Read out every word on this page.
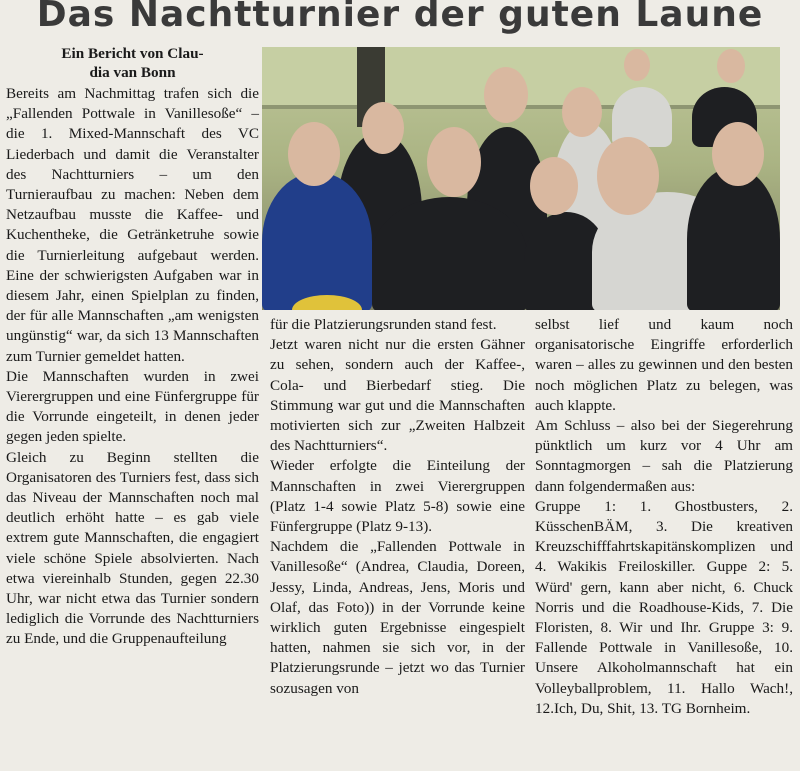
Das Nachtturnier der guten Laune
Ein Bericht von Clau-
dia van Bonn

Bereits am Nachmittag trafen sich die „Fallenden Pottwale in Vanillesoße“ – die 1. Mixed-Mannschaft des VC Liederbach und damit die Veranstalter des Nachtturniers – um den Turnieraufbau zu machen: Neben dem Netzaufbau musste die Kaffee- und Kuchentheke, die Getränketruhe sowie die Turnierleitung aufgebaut werden. Eine der schwierigsten Aufgaben war in diesem Jahr, einen Spielplan zu finden, der für alle Mannschaften „am wenigsten ungünstig“ war, da sich 13 Mannschaften zum Turnier gemeldet hatten.

Die Mannschaften wurden in zwei Vierergruppen und eine Fünfergruppe für die Vorrunde eingeteilt, in denen jeder gegen jeden spielte.

Gleich zu Beginn stellten die Organisatoren des Turniers fest, dass sich das Niveau der Mannschaften noch mal deutlich erhöht hatte – es gab viele extrem gute Mannschaften, die engagiert viele schöne Spiele absolvierten. Nach etwa viereinhalb Stunden, gegen 22.30 Uhr, war nicht etwa das Turnier sondern lediglich die Vorrunde des Nachtturniers zu Ende, und die Gruppenaufteilung

für die Platzierungsrunden stand fest.

Jetzt waren nicht nur die ersten Gähner zu sehen, sondern auch der Kaffee-, Cola- und Bierbedarf stieg. Die Stimmung war gut und die Mannschaften motivierten sich zur „Zweiten Halbzeit des Nachtturniers“.

Wieder erfolgte die Einteilung der Mannschaften in zwei Vierergruppen (Platz 1-4 sowie Platz 5-8) sowie eine Fünfergruppe (Platz 9-13).

Nachdem die „Fallenden Pottwale in Vanillesoße“ (Andrea, Claudia, Doreen, Jessy, Linda, Andreas, Jens, Moris und Olaf, das Foto)) in der Vorrunde keine wirklich guten Ergebnisse eingespielt hatten, nahmen sie sich vor, in der Platzierungsrunde – jetzt wo das Turnier sozusagen von

selbst lief und kaum noch organisatorische Eingriffe erforderlich waren – alles zu gewinnen und den besten noch möglichen Platz zu belegen, was auch klappte.

Am Schluss – also bei der Siegerehrung pünktlich um kurz vor 4 Uhr am Sonntagmorgen – sah die Platzierung dann folgendermaßen aus:

Gruppe 1: 1. Ghostbusters, 2. KüsschenBÄM, 3. Die kreativen Kreuzschifffahrtskapitänskomplizen und 4. Wakikis Freiloskiller. Guppe 2: 5. Würd' gern, kann aber nicht, 6. Chuck Norris und die Roadhouse-Kids, 7. Die Floristen, 8. Wir und Ihr. Gruppe 3: 9. Fallende Pottwale in Vanillesoße, 10. Unsere Alkoholmannschaft hat ein Volleyballproblem, 11. Hallo Wach!, 12.Ich, Du, Shit, 13. TG Bornheim.
